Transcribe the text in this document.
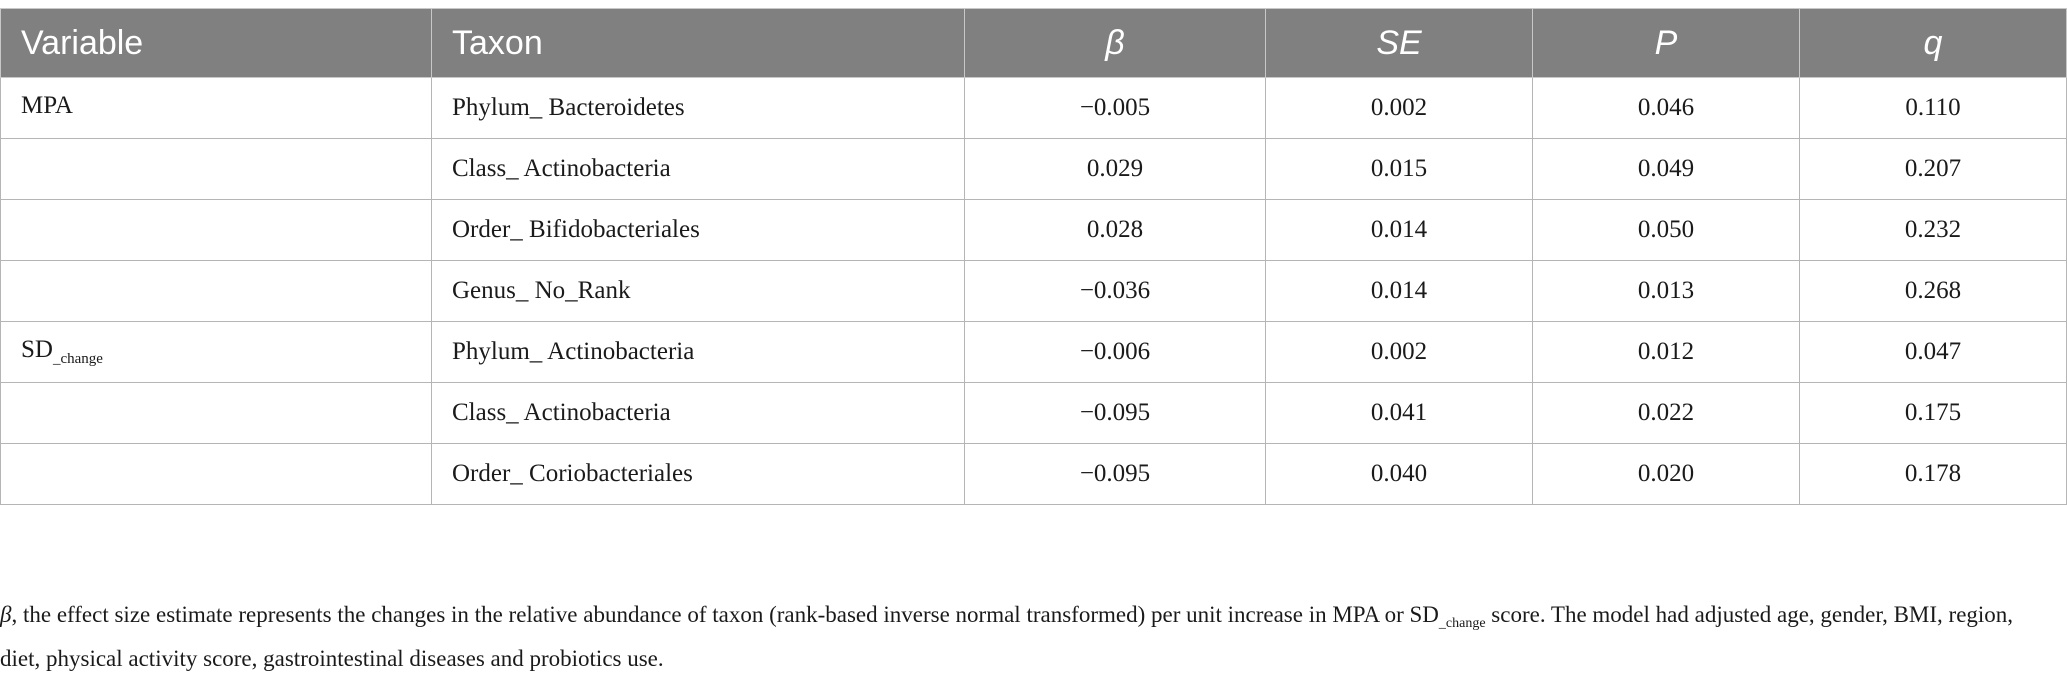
Variable	Taxon	β	SE	P	q
MPA	Phylum_ Bacteroidetes	−0.005	0.002	0.046	0.110
	Class_ Actinobacteria	0.029	0.015	0.049	0.207
	Order_ Bifidobacteriales	0.028	0.014	0.050	0.232
	Genus_ No_Rank	−0.036	0.014	0.013	0.268
$SD_{\_change}$	Phylum_ Actinobacteria	−0.006	0.002	0.012	0.047
	Class_ Actinobacteria	−0.095	0.041	0.022	0.175
	Order_ Coriobacteriales	−0.095	0.040	0.020	0.178

β, the effect size estimate represents the changes in the relative abundance of taxon (rank-based inverse normal transformed) per unit increase in MPA or $SD_{\_change}$ score. The model had adjusted age, gender, BMI, region, diet, physical activity score, gastrointestinal diseases and probiotics use.
